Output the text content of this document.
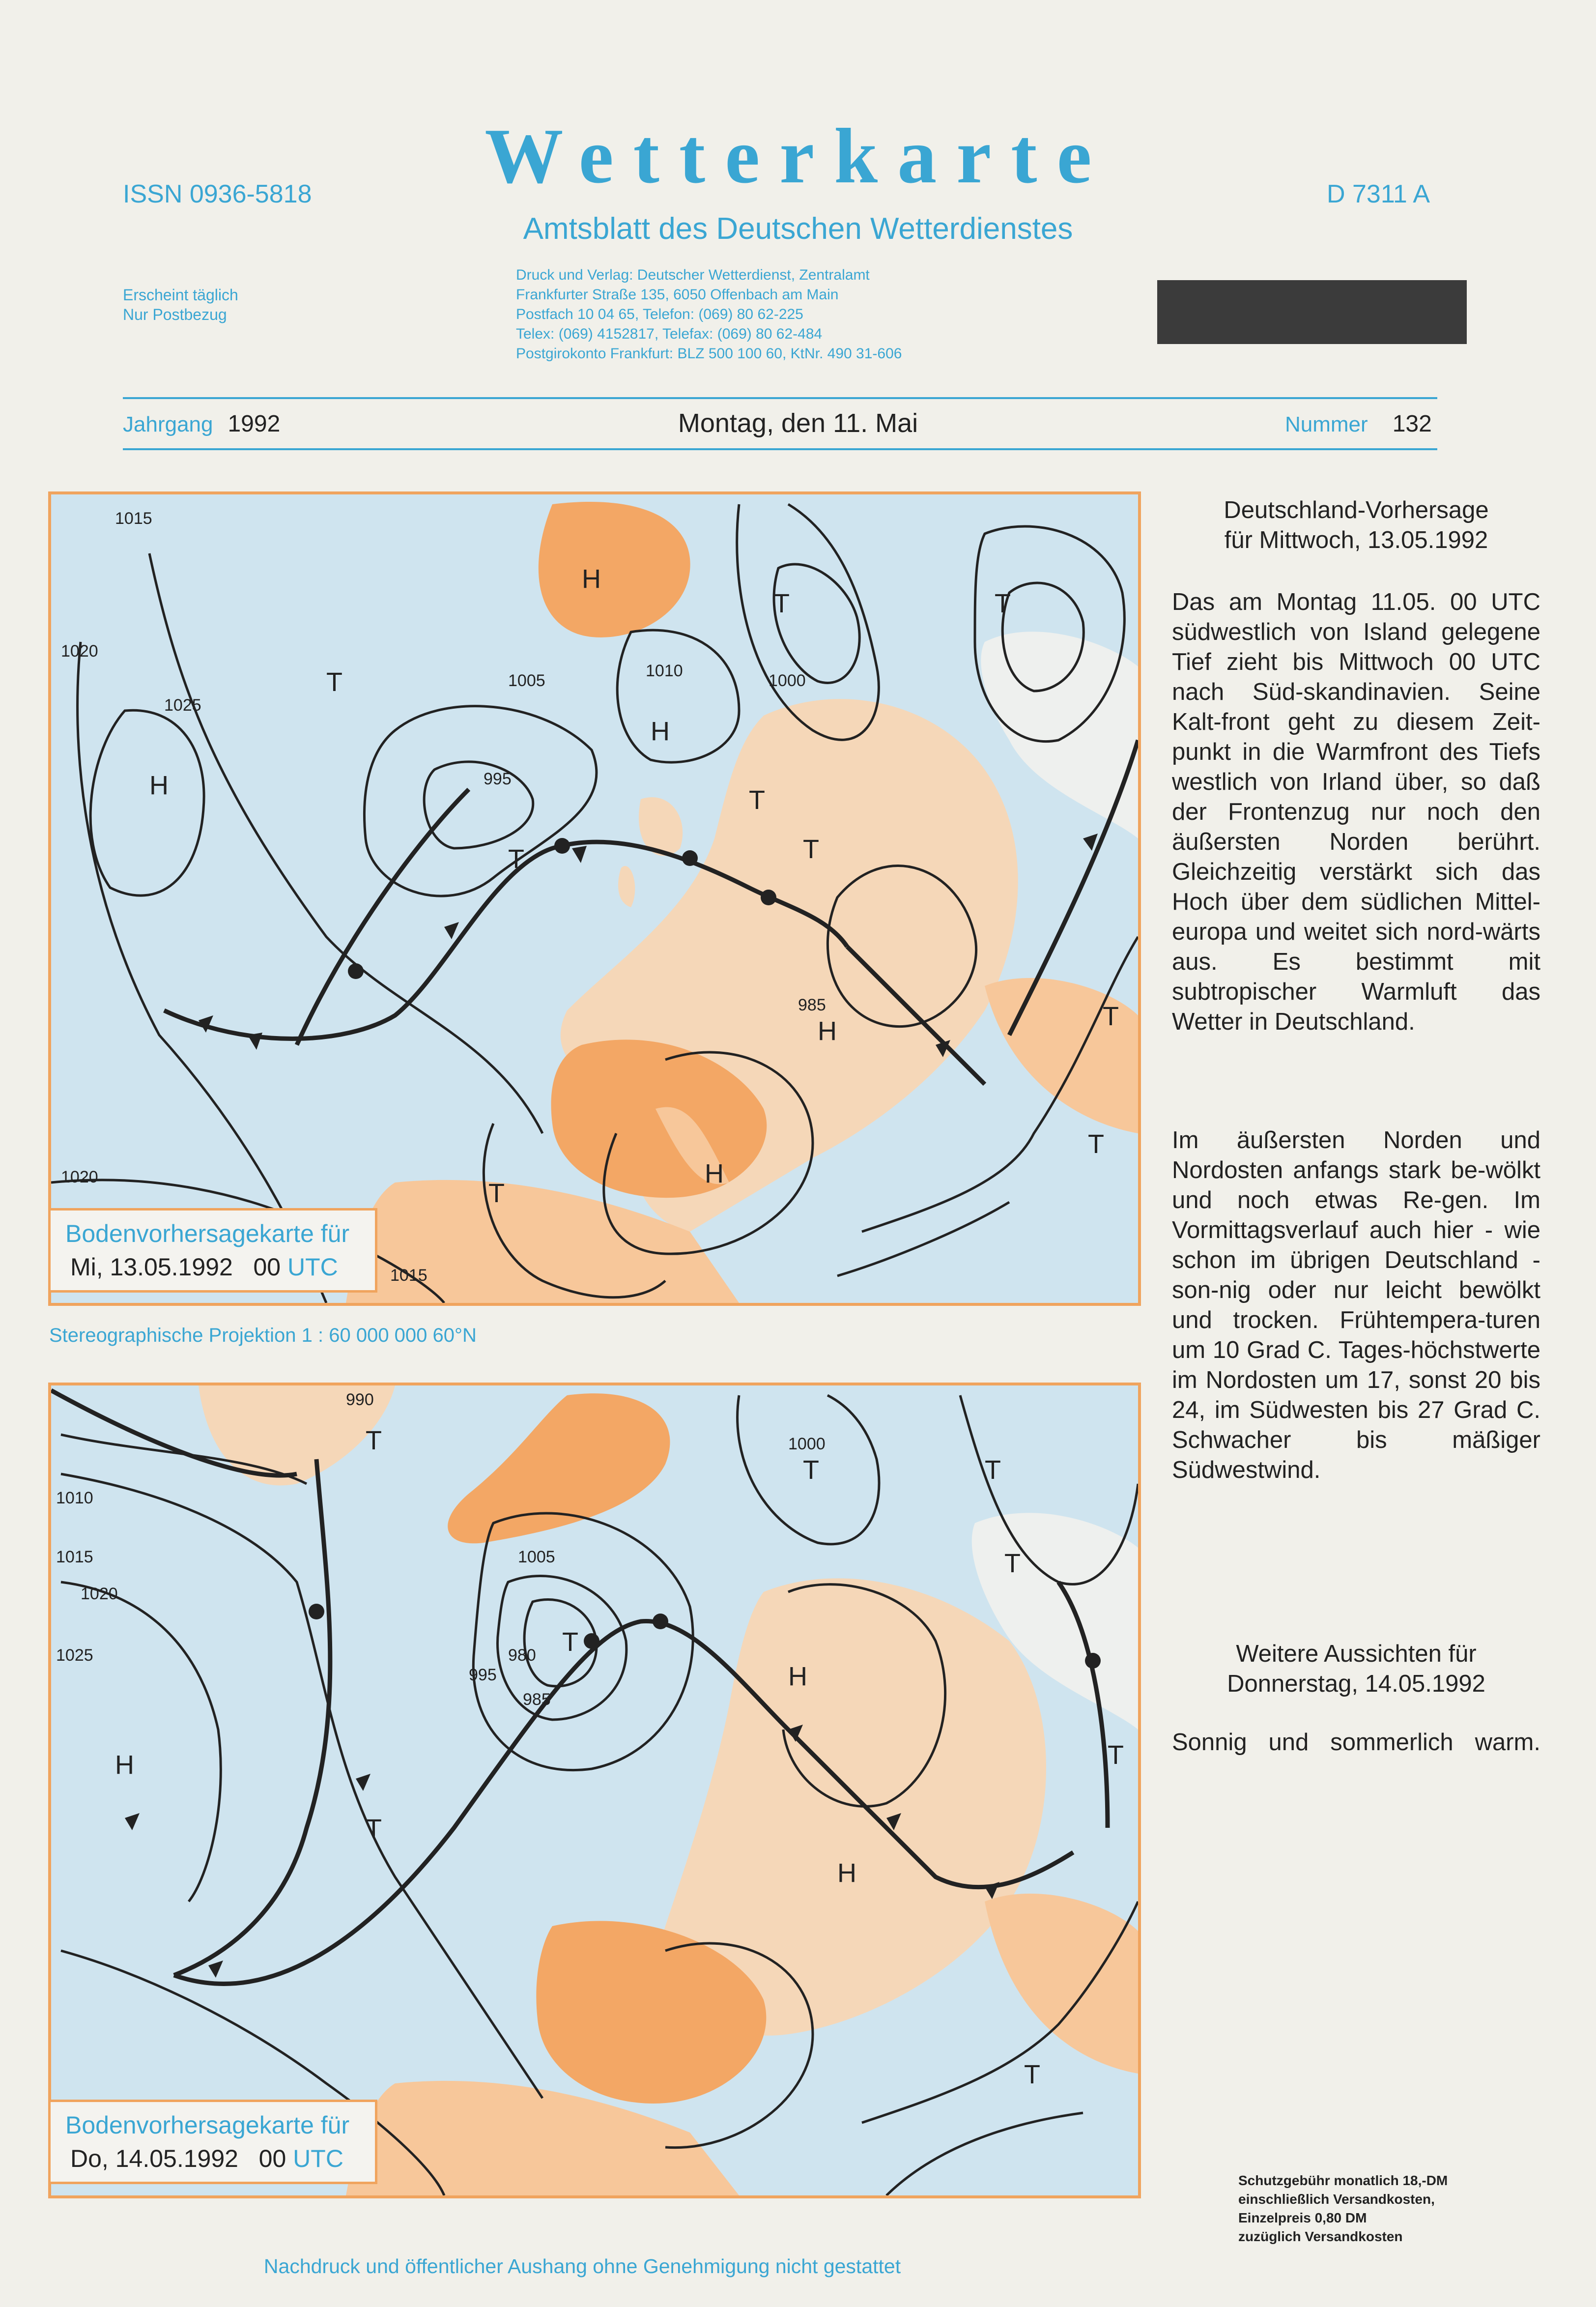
ISSN 0936-5818	Wetterkarte	D 7311 A
Amtsblatt des Deutschen Wetterdienstes
Erscheint täglich
Nur Postbezug
Druck und Verlag: Deutscher Wetterdienst, Zentralamt
Frankfurter Straße 135, 6050 Offenbach am Main
Postfach 10 04 65, Telefon: (069) 80 62-225
Telex: (069) 4152817, Telefax: (069) 80 62-484
Postgirokonto Frankfurt: BLZ 500 100 60, KtNr. 490 31-606
Jahrgang 1992	Montag, den 11. Mai	Nummer 132
H
H
H
H
H
T	T
T
T
T
T
T
T
T
1015
1020
1025
1005
1010
995
1000
985
1020
1015
Bodenvorhersagekarte für
Mi, 13.05.1992 00 UTC
Stereographische Projektion 1 : 60 000 000 60°N
H
H
H
T
T	T
T
T
T
T
T
990
1010
1015
1020
1025
1005
995
980
985
1000
Bodenvorhersagekarte für
Do, 14.05.1992 00 UTC
Deutschland-Vorhersage
für Mittwoch, 13.05.1992
Das am Montag 11.05. 00 UTC südwestlich von Island gelegene Tief zieht bis Mittwoch 00 UTC nach Süd-skandinavien. Seine Kalt-front geht zu diesem Zeit-punkt in die Warmfront des Tiefs westlich von Irland über, so daß der Frontenzug nur noch den äußersten Norden berührt. Gleichzeitig verstärkt sich das Hoch über dem südlichen Mittel-europa und weitet sich nord-wärts aus. Es bestimmt mit subtropischer Warmluft das Wetter in Deutschland.
Im äußersten Norden und Nordosten anfangs stark be-wölkt und noch etwas Re-gen. Im Vormittagsverlauf auch hier - wie schon im übrigen Deutschland - son-nig oder nur leicht bewölkt und trocken. Frühtempera-turen um 10 Grad C. Tages-höchstwerte im Nordosten um 17, sonst 20 bis 24, im Südwesten bis 27 Grad C. Schwacher bis mäßiger Südwestwind.
Weitere Aussichten für
Donnerstag, 14.05.1992
Sonnig und sommerlich warm.
Schutzgebühr monatlich 18,-DM
einschließlich Versandkosten,
Einzelpreis 0,80 DM
zuzüglich Versandkosten
Nachdruck und öffentlicher Aushang ohne Genehmigung nicht gestattet
